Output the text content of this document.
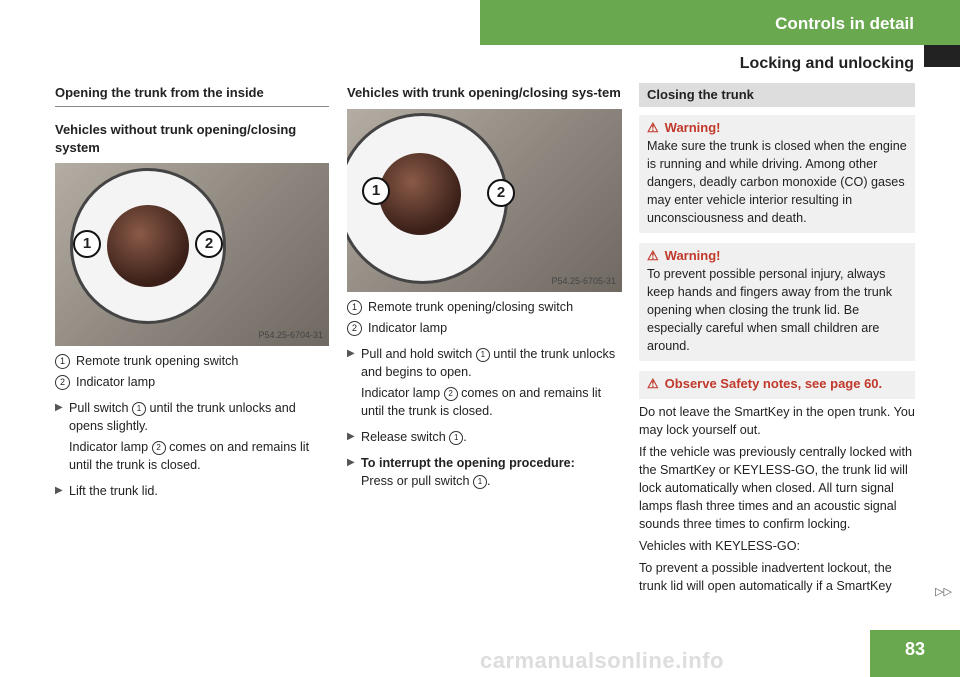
Controls in detail
Locking and unlocking
Opening the trunk from the inside
Vehicles without trunk opening/closing system
1	2
P54.25-6704-31
1 Remote trunk opening switch
2 Indicator lamp
▶ Pull switch 1 until the trunk unlocks and opens slightly.
Indicator lamp 2 comes on and remains lit until the trunk is closed.
▶ Lift the trunk lid.
Vehicles with trunk opening/closing sys-tem
1	2
P54.25-6705-31
1 Remote trunk opening/closing switch
2 Indicator lamp
▶ Pull and hold switch 1 until the trunk unlocks and begins to open.
Indicator lamp 2 comes on and remains lit until the trunk is closed.
▶ Release switch 1 .
▶ To interrupt the opening procedure:
Press or pull switch 1 .
Closing the trunk
⚠ Warning!
Make sure the trunk is closed when the engine is running and while driving. Among other dangers, deadly carbon monoxide (CO) gases may enter vehicle interior resulting in unconsciousness and death.
⚠ Warning!
To prevent possible personal injury, always keep hands and fingers away from the trunk opening when closing the trunk lid. Be especially careful when small children are around.
⚠ Observe Safety notes, see page 60.
Do not leave the SmartKey in the open trunk. You may lock yourself out.
If the vehicle was previously centrally locked with the SmartKey or KEYLESS-GO, the trunk lid will lock automatically when closed. All turn signal lamps flash three times and an acoustic signal sounds three times to confirm locking.
Vehicles with KEYLESS-GO:
To prevent a possible inadvertent lockout, the trunk lid will open automatically if a SmartKey	▷▷
83
carmanualsonline.info
